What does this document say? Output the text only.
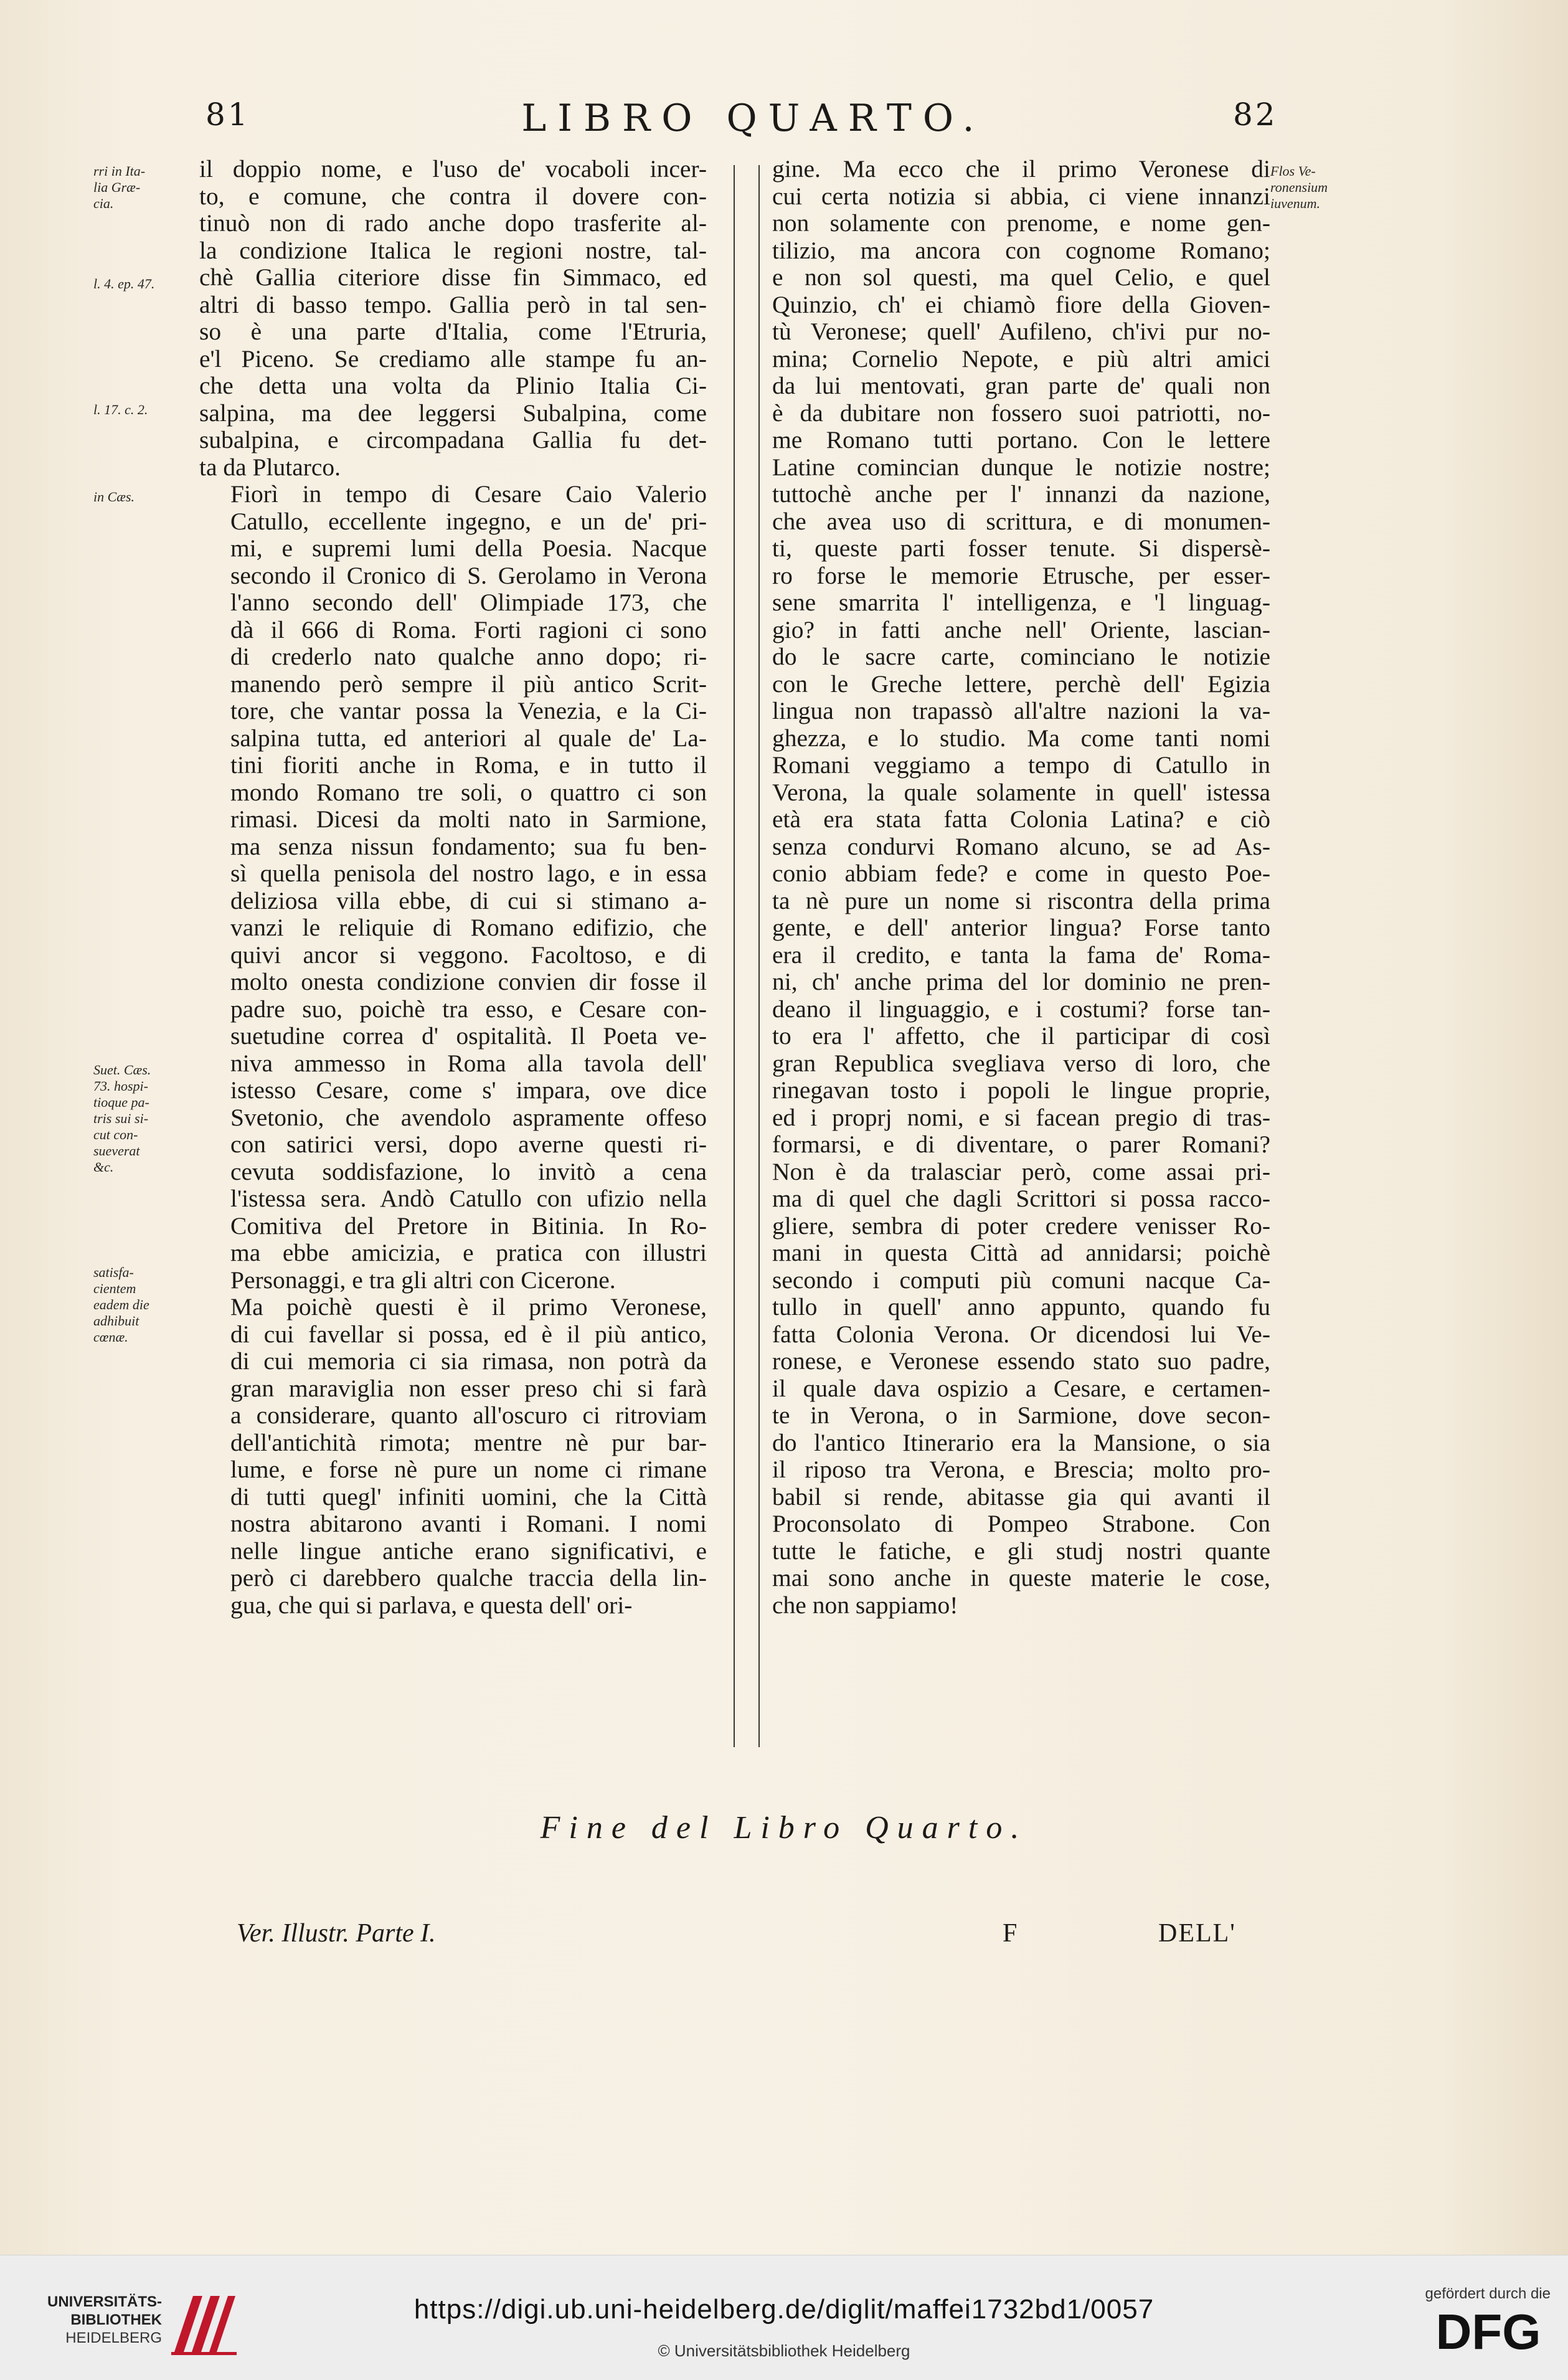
81	LIBRO QUARTO.	82

il doppio nome, e l'uso de' vocaboli incer-
to, e comune, che contra il dovere con-
tinuò non di rado anche dopo trasferite al-
la condizione Italica le regioni nostre, tal-
chè Gallia citeriore disse fin Simmaco, ed
altri di basso tempo. Gallia però in tal sen-
so è una parte d'Italia, come l'Etruria,
e'l Piceno. Se crediamo alle stampe fu an-
che detta una volta da Plinio Italia Ci-
salpina, ma dee leggersi Subalpina, come
subalpina, e circompadana Gallia fu det-
ta da Plutarco.

Fiorì in tempo di Cesare Caio Valerio
Catullo, eccellente ingegno, e un de' pri-
mi, e supremi lumi della Poesia. Nacque
secondo il Cronico di S. Gerolamo in Verona
l'anno secondo dell' Olimpiade 173, che
dà il 666 di Roma. Forti ragioni ci sono
di crederlo nato qualche anno dopo; ri-
manendo però sempre il più antico Scrit-
tore, che vantar possa la Venezia, e la Ci-
salpina tutta, ed anteriori al quale de' La-
tini fioriti anche in Roma, e in tutto il
mondo Romano tre soli, o quattro ci son
rimasi. Dicesi da molti nato in Sarmione,
ma senza nissun fondamento; sua fu ben-
sì quella penisola del nostro lago, e in essa
deliziosa villa ebbe, di cui si stimano a-
vanzi le reliquie di Romano edifizio, che
quivi ancor si veggono. Facoltoso, e di
molto onesta condizione convien dir fosse il
padre suo, poichè tra esso, e Cesare con-
suetudine correa d' ospitalità. Il Poeta ve-
niva ammesso in Roma alla tavola dell'
istesso Cesare, come s' impara, ove dice
Svetonio, che avendolo aspramente offeso
con satirici versi, dopo averne questi ri-
cevuta soddisfazione, lo invitò a cena
l'istessa sera. Andò Catullo con ufizio nella
Comitiva del Pretore in Bitinia. In Ro-
ma ebbe amicizia, e pratica con illustri
Personaggi, e tra gli altri con Cicerone.

Ma poichè questi è il primo Veronese,
di cui favellar si possa, ed è il più antico,
di cui memoria ci sia rimasa, non potrà da
gran maraviglia non esser preso chi si farà
a considerare, quanto all'oscuro ci ritroviam
dell'antichità rimota; mentre nè pur bar-
lume, e forse nè pure un nome ci rimane
di tutti quegl' infiniti uomini, che la Città
nostra abitarono avanti i Romani. I nomi
nelle lingue antiche erano significativi, e
però ci darebbero qualche traccia della lin-
gua, che qui si parlava, e questa dell' ori-

gine. Ma ecco che il primo Veronese di
cui certa notizia si abbia, ci viene innanzi
non solamente con prenome, e nome gen-
tilizio, ma ancora con cognome Romano;
e non sol questi, ma quel Celio, e quel
Quinzio, ch' ei chiamò fiore della Gioven-
tù Veronese; quell' Aufileno, ch'ivi pur no-
mina; Cornelio Nepote, e più altri amici
da lui mentovati, gran parte de' quali non
è da dubitare non fossero suoi patriotti, no-
me Romano tutti portano. Con le lettere
Latine comincian dunque le notizie nostre;
tuttochè anche per l' innanzi da nazione,
che avea uso di scrittura, e di monumen-
ti, queste parti fosser tenute. Si dispersè-
ro forse le memorie Etrusche, per esser-
sene smarrita l' intelligenza, e 'l linguag-
gio? in fatti anche nell' Oriente, lascian-
do le sacre carte, cominciano le notizie
con le Greche lettere, perchè dell' Egizia
lingua non trapassò all'altre nazioni la va-
ghezza, e lo studio. Ma come tanti nomi
Romani veggiamo a tempo di Catullo in
Verona, la quale solamente in quell' istessa
età era stata fatta Colonia Latina? e ciò
senza condurvi Romano alcuno, se ad As-
conio abbiam fede? e come in questo Poe-
ta nè pure un nome si riscontra della prima
gente, e dell' anterior lingua? Forse tanto
era il credito, e tanta la fama de' Roma-
ni, ch' anche prima del lor dominio ne pren-
deano il linguaggio, e i costumi? forse tan-
to era l' affetto, che il participar di così
gran Republica svegliava verso di loro, che
rinegavan tosto i popoli le lingue proprie,
ed i proprj nomi, e si facean pregio di tras-
formarsi, e di diventare, o parer Romani?
Non è da tralasciar però, come assai pri-
ma di quel che dagli Scrittori si possa racco-
gliere, sembra di poter credere venisser Ro-
mani in questa Città ad annidarsi; poichè
secondo i computi più comuni nacque Ca-
tullo in quell' anno appunto, quando fu
fatta Colonia Verona. Or dicendosi lui Ve-
ronese, e Veronese essendo stato suo padre,
il quale dava ospizio a Cesare, e certamen-
te in Verona, o in Sarmione, dove secon-
do l'antico Itinerario era la Mansione, o sia
il riposo tra Verona, e Brescia; molto pro-
babil si rende, abitasse gia qui avanti il
Proconsolato di Pompeo Strabone. Con
tutte le fatiche, e gli studj nostri quante
mai sono anche in queste materie le cose,
che non sappiamo!

rri in Ita-
lia Græ-
cia.
l. 4. ep. 47.
l. 17. c. 2.
in Cæs.
Suet. Cæs.
73. hospi-
tioque pa-
tris sui si-
cut con-
sueverat
&c.
satisfa-
cientem
eadem die
adhibuit
cœnæ.
Flos Ve-
ronensium
iuvenum.
Fine del Libro Quarto.
Ver. Illustr. Parte I.	F	DELL'
UNIVERSITÄTS-
BIBLIOTHEK
HEIDELBERG
https://digi.ub.uni-heidelberg.de/diglit/maffei1732bd1/0057
© Universitätsbibliothek Heidelberg
gefördert durch die
DFG
